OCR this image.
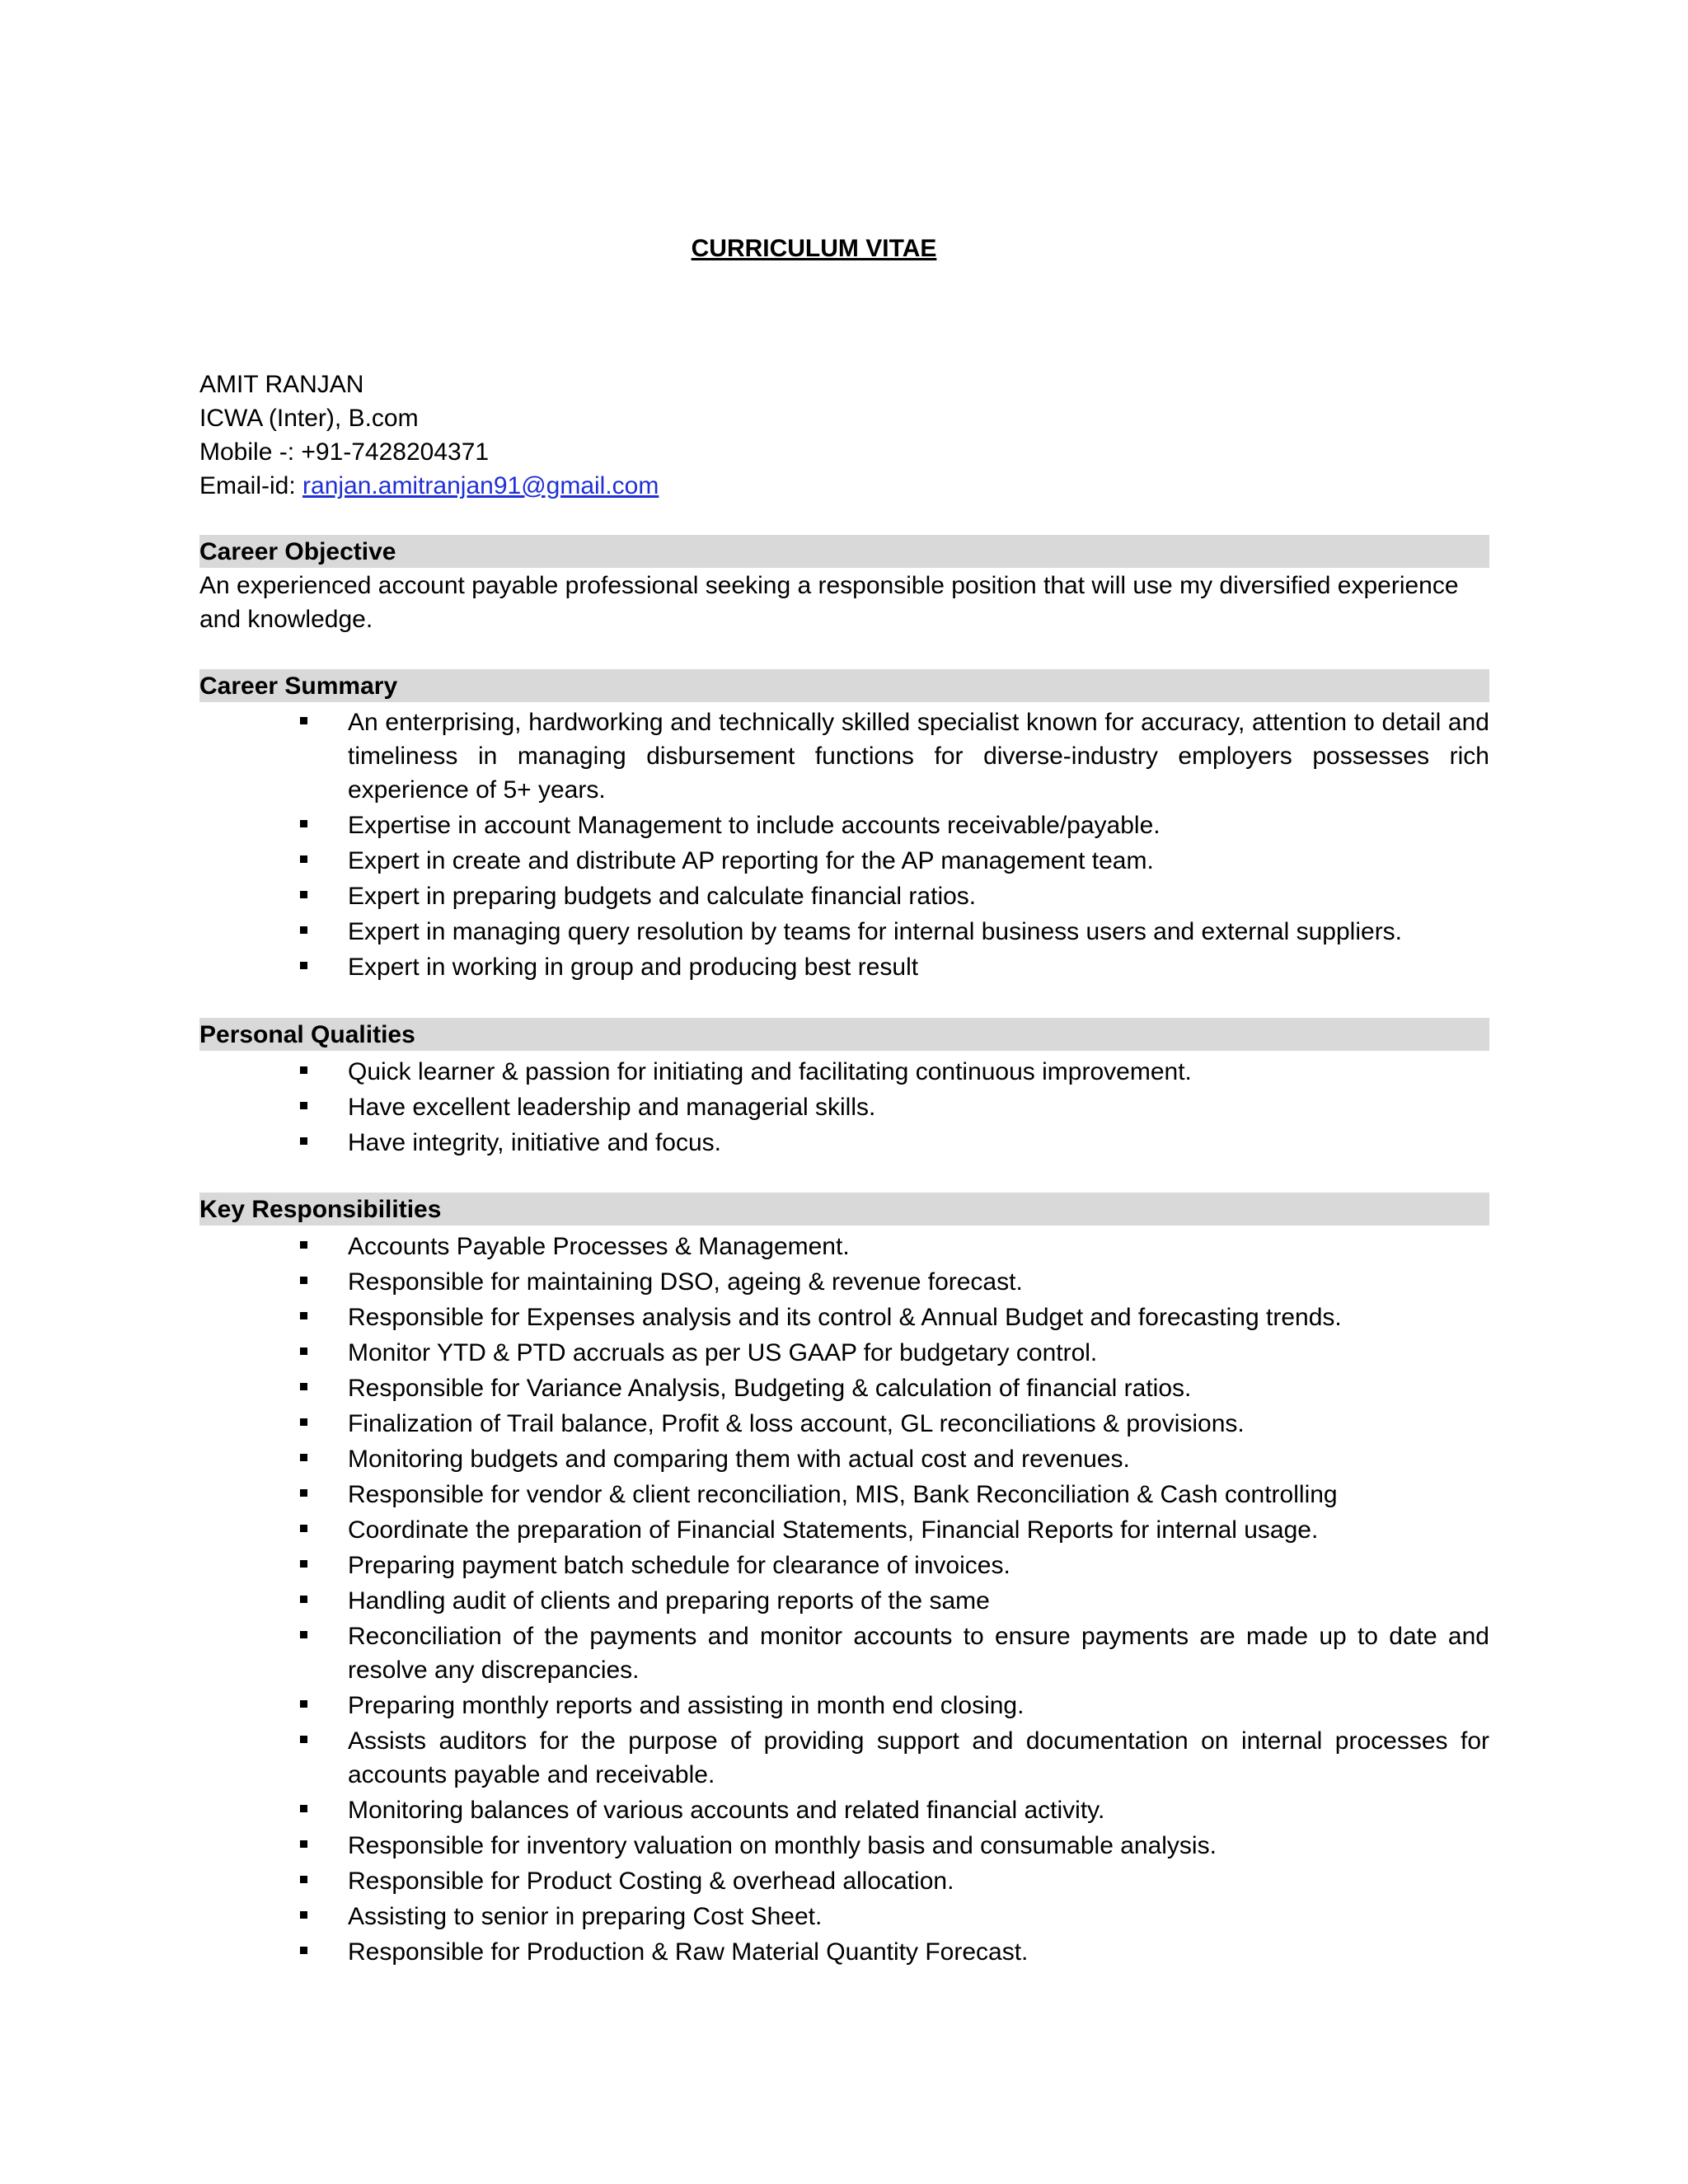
CURRICULUM VITAE
AMIT RANJAN
ICWA (Inter), B.com
Mobile -: +91-7428204371
Email-id: ranjan.amitranjan91@gmail.com
Career Objective
An experienced account payable professional seeking a responsible position that will use my diversified experience and knowledge.
Career Summary
An enterprising, hardworking and technically skilled specialist known for accuracy, attention to detail and timeliness in managing disbursement functions for diverse-industry employers possesses rich experience of 5+ years.
Expertise in account Management to include accounts receivable/payable.
Expert in create and distribute AP reporting for the AP management team.
Expert in preparing budgets and calculate financial ratios.
Expert in managing query resolution by teams for internal business users and external suppliers.
Expert in working in group and producing best result
Personal Qualities
Quick learner & passion for initiating and facilitating continuous improvement.
Have excellent leadership and managerial skills.
Have integrity, initiative and focus.
Key Responsibilities
Accounts Payable Processes & Management.
Responsible for maintaining DSO, ageing & revenue forecast.
Responsible for Expenses analysis and its control & Annual Budget and forecasting trends.
Monitor YTD & PTD accruals as per US GAAP for budgetary control.
Responsible for Variance Analysis, Budgeting & calculation of financial ratios.
Finalization of Trail balance, Profit & loss account, GL reconciliations & provisions.
Monitoring budgets and comparing them with actual cost and revenues.
Responsible for vendor & client reconciliation, MIS, Bank Reconciliation & Cash controlling
Coordinate the preparation of Financial Statements, Financial Reports for internal usage.
Preparing payment batch schedule for clearance of invoices.
Handling audit of clients and preparing reports of the same
Reconciliation of the payments and monitor accounts to ensure payments are made up to date and resolve any discrepancies.
Preparing monthly reports and assisting in month end closing.
Assists auditors for the purpose of providing support and documentation on internal processes for accounts payable and receivable.
Monitoring balances of various accounts and related financial activity.
Responsible for inventory valuation on monthly basis and consumable analysis.
Responsible for Product Costing & overhead allocation.
Assisting to senior in preparing Cost Sheet.
Responsible for Production & Raw Material Quantity Forecast.
